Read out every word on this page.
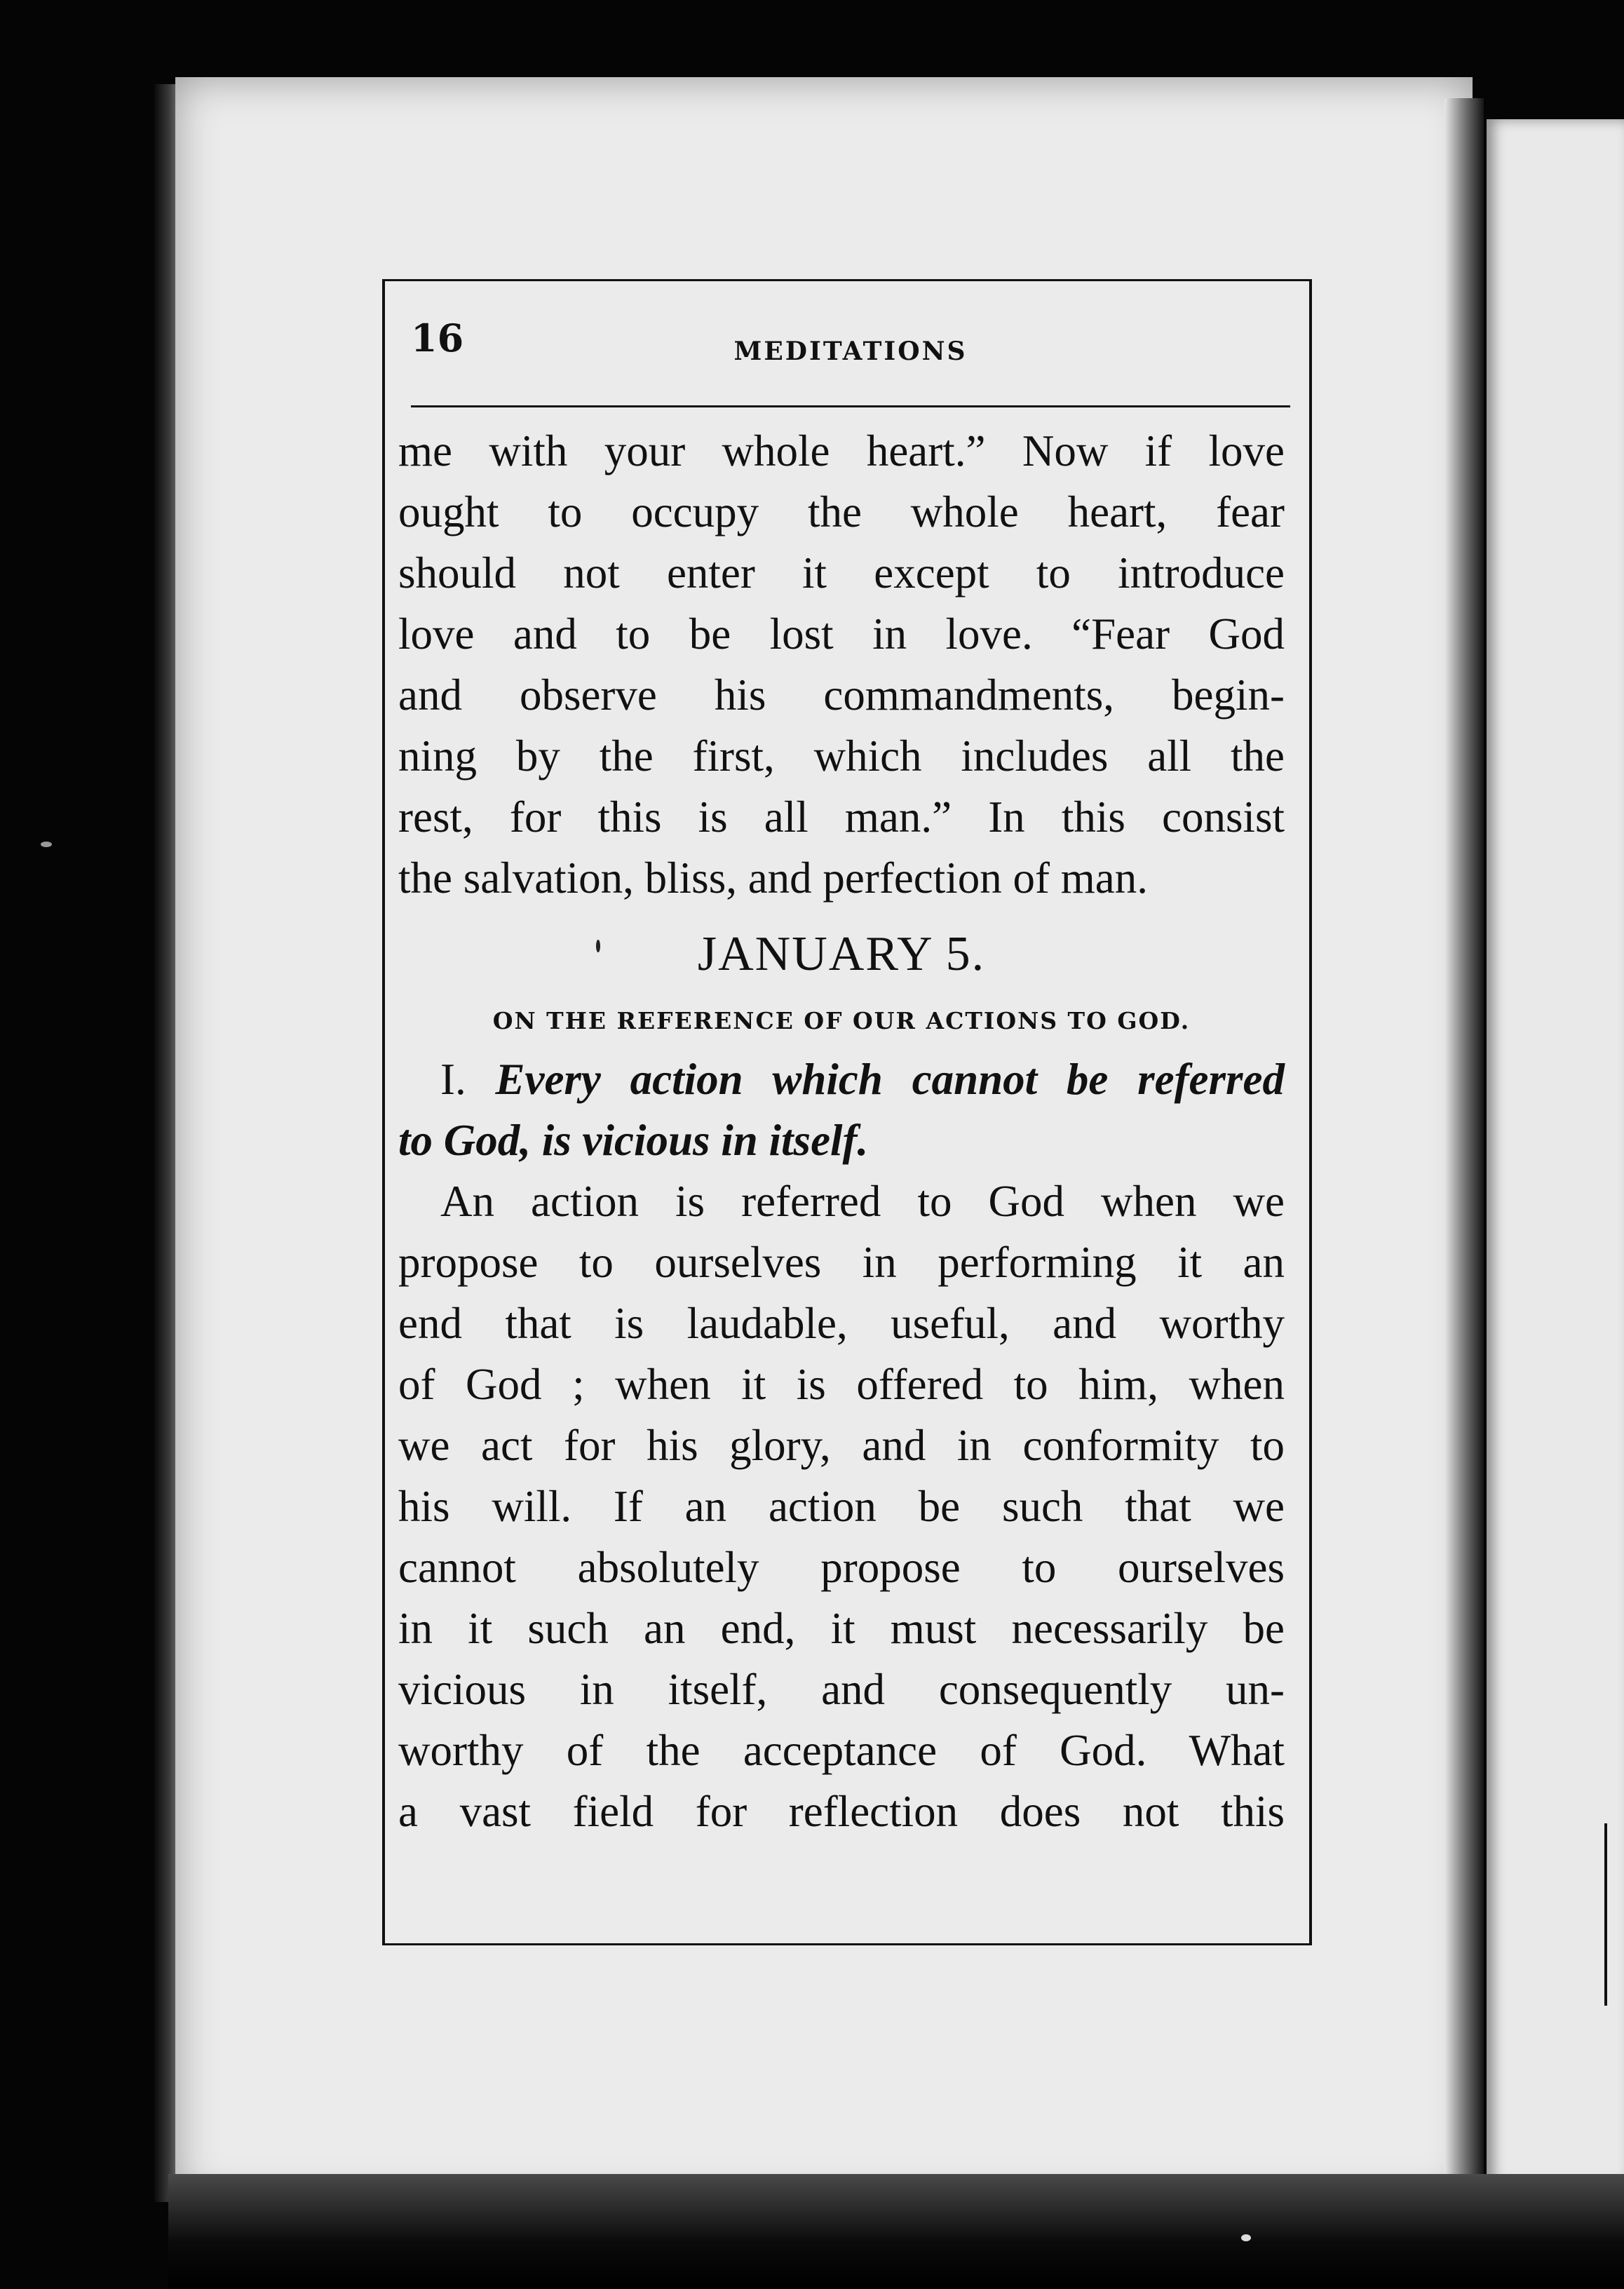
16	MEDITATIONS
me with your whole heart.” Now if love
ought to occupy the whole heart, fear
should not enter it except to introduce
love and to be lost in love. “Fear God
and observe his commandments, begin-
ning by the first, which includes all the
rest, for this is all man.” In this consist
the salvation, bliss, and perfection of man.
JANUARY 5.
ON THE REFERENCE OF OUR ACTIONS TO GOD.
I. Every action which cannot be referred
to God, is vicious in itself.
An action is referred to God when we
propose to ourselves in performing it an
end that is laudable, useful, and worthy
of God ; when it is offered to him, when
we act for his glory, and in conformity to
his will. If an action be such that we
cannot absolutely propose to ourselves
in it such an end, it must necessarily be
vicious in itself, and consequently un-
worthy of the acceptance of God. What
a vast field for reflection does not this
